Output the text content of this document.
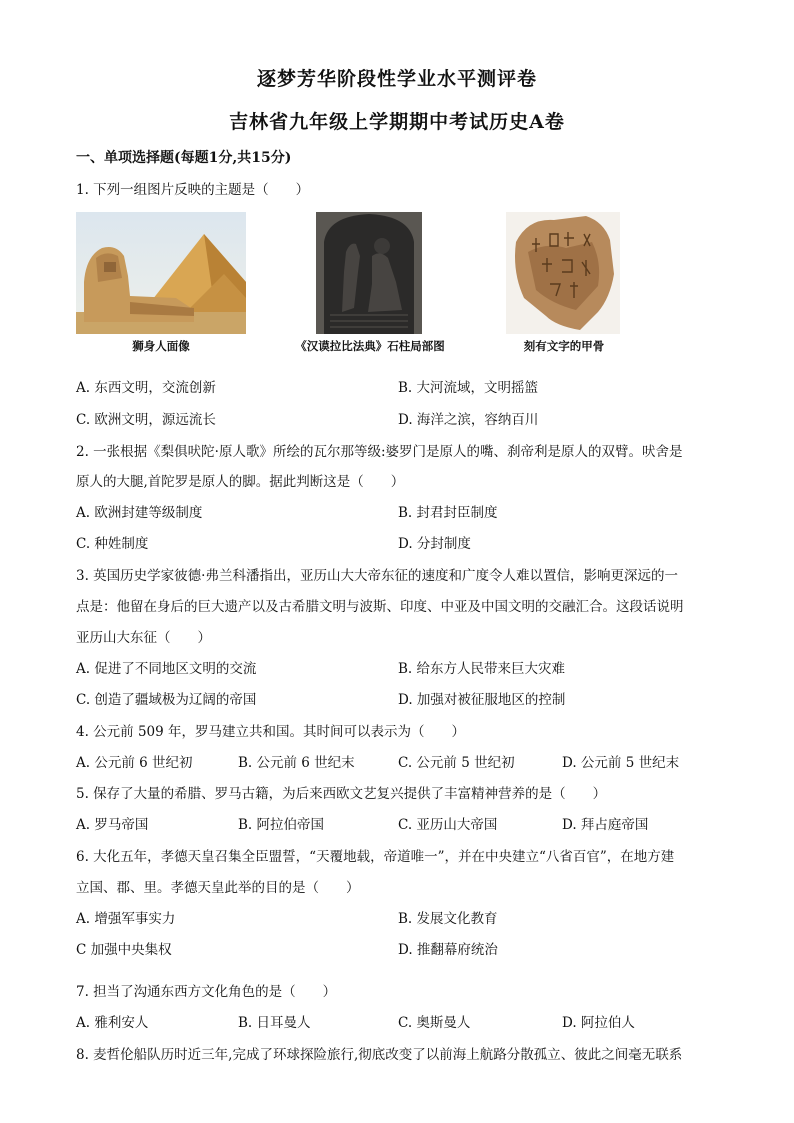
逐梦芳华阶段性学业水平测评卷
吉林省九年级上学期期中考试历史A卷
一、单项选择题(每题1分,共15分)
1. 下列一组图片反映的主题是（　　）
狮身人面像	《汉谟拉比法典》石柱局部图	刻有文字的甲骨
A. 东西文明，交流创新	B. 大河流域，文明摇篮
C. 欧洲文明，源远流长	D. 海洋之滨，容纳百川
2. 一张根据《梨俱吠陀·原人歌》所绘的瓦尔那等级:婆罗门是原人的嘴、刹帝利是原人的双臂。吠舍是
原人的大腿,首陀罗是原人的脚。据此判断这是（　　）
A. 欧洲封建等级制度	B. 封君封臣制度
C. 种姓制度	D. 分封制度
3. 英国历史学家彼德·弗兰科潘指出，亚历山大大帝东征的速度和广度令人难以置信，影响更深远的一
点是：他留在身后的巨大遗产以及古希腊文明与波斯、印度、中亚及中国文明的交融汇合。这段话说明
亚历山大东征（　　）
A. 促进了不同地区文明的交流	B. 给东方人民带来巨大灾难
C. 创造了疆域极为辽阔的帝国	D. 加强对被征服地区的控制
4. 公元前 509 年，罗马建立共和国。其时间可以表示为（　　）
A. 公元前 6 世纪初	B. 公元前 6 世纪末	C. 公元前 5 世纪初	D. 公元前 5 世纪末
5. 保存了大量的希腊、罗马古籍，为后来西欧文艺复兴提供了丰富精神营养的是（　　）
A. 罗马帝国	B. 阿拉伯帝国	C. 亚历山大帝国	D. 拜占庭帝国
6. 大化五年，孝德天皇召集全臣盟誓，“天覆地载，帝道唯一”，并在中央建立“八省百官”，在地方建
立国、郡、里。孝德天皇此举的目的是（　　）
A. 增强军事实力	B. 发展文化教育
C 加强中央集权	D. 推翻幕府统治
7. 担当了沟通东西方文化角色的是（　　）
A. 雅利安人	B. 日耳曼人	C. 奥斯曼人	D. 阿拉伯人
8. 麦哲伦船队历时近三年,完成了环球探险旅行,彻底改变了以前海上航路分散孤立、彼此之间毫无联系
